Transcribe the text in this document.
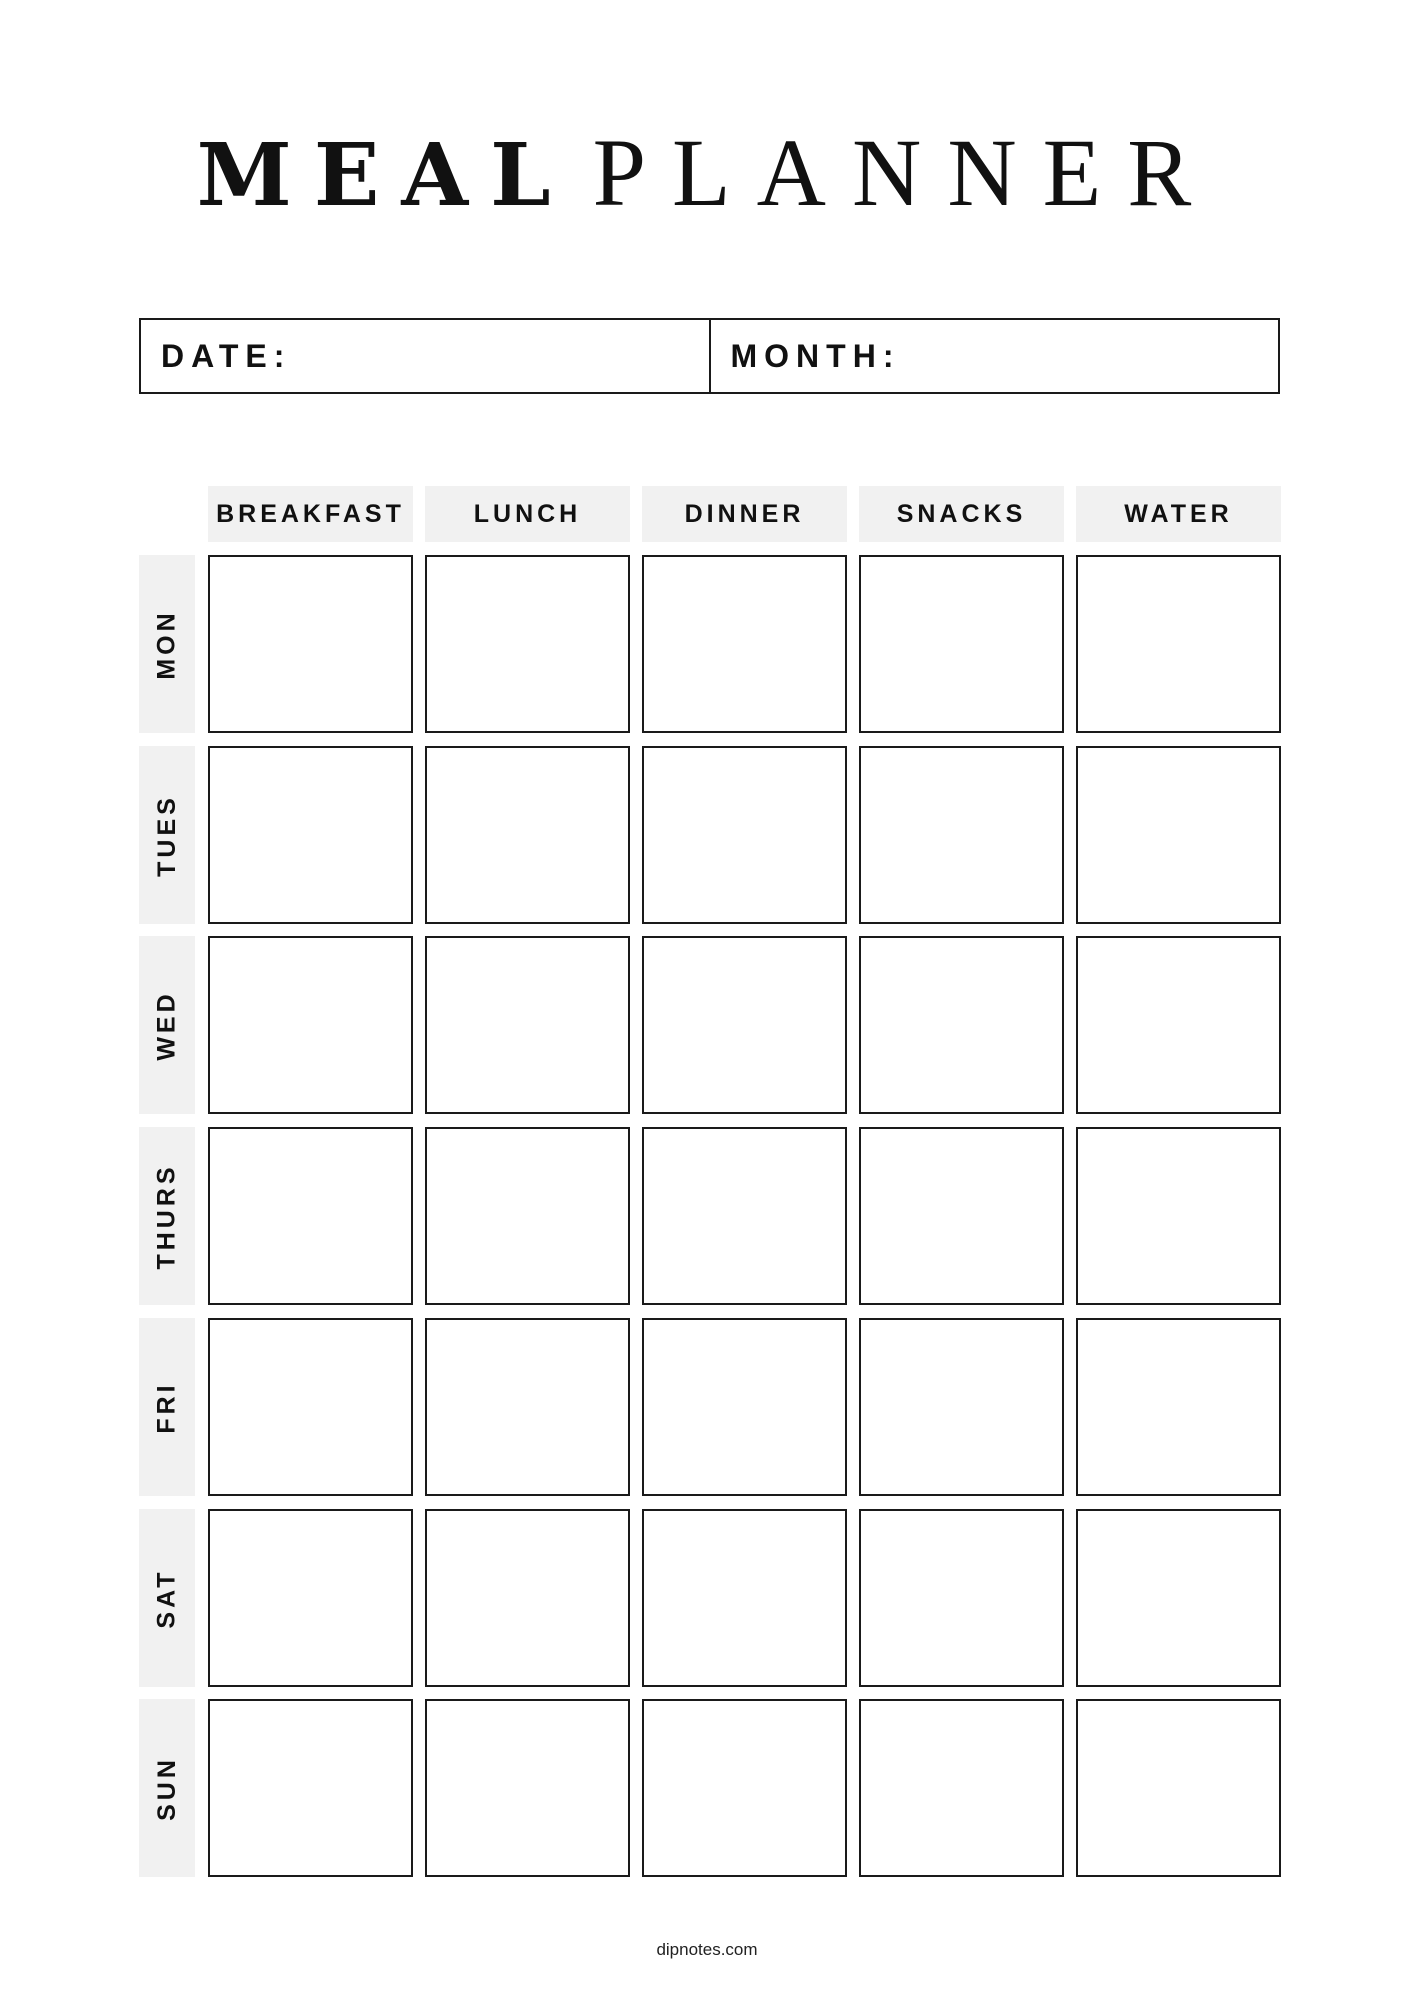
MEAL PLANNER
DATE:	MONTH:
BREAKFAST	LUNCH	DINNER	SNACKS	WATER
MON
TUES
WED
THURS
FRI
SAT
SUN
dipnotes.com
